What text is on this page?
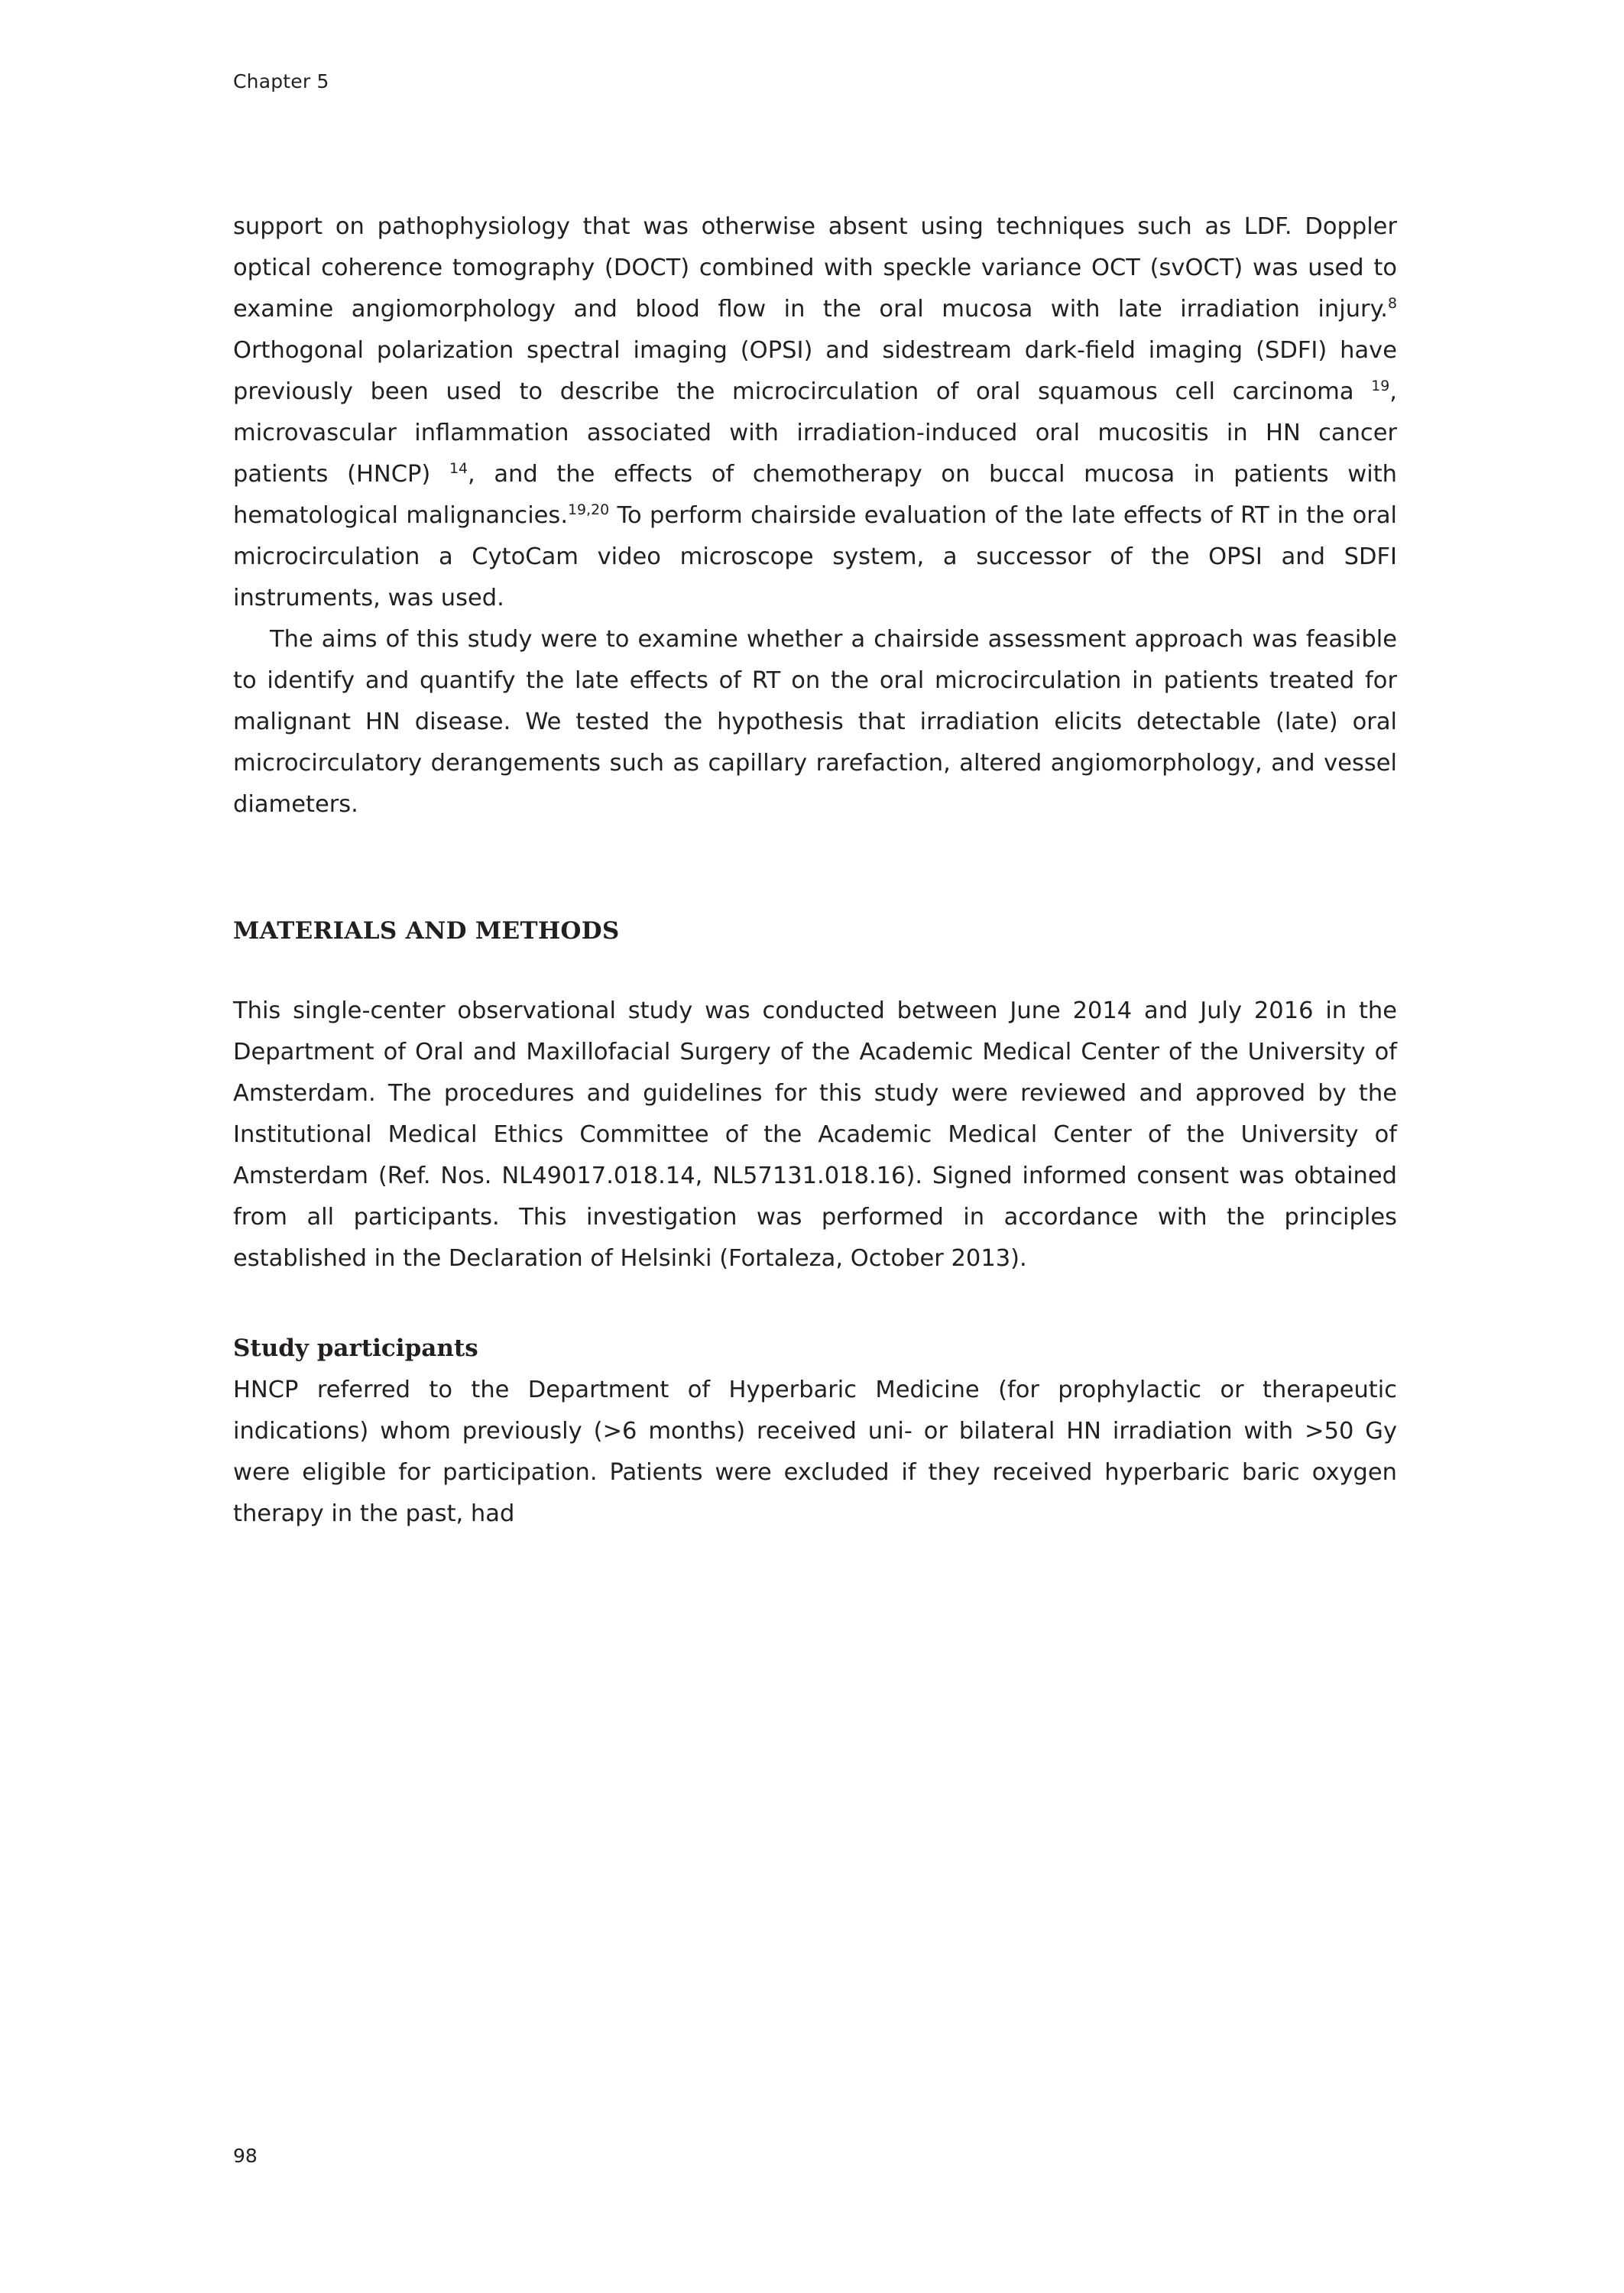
Chapter 5

support on pathophysiology that was otherwise absent using techniques such as LDF. Doppler optical coherence tomography (DOCT) combined with speckle variance OCT (svOCT) was used to examine angiomorphology and blood flow in the oral mucosa with late irradiation injury.$^8$ Orthogonal polarization spectral imaging (OPSI) and sidestream dark-field imaging (SDFI) have previously been used to describe the microcirculation of oral squamous cell carcinoma $^{19}$, microvascular inflammation associated with irradiation-induced oral mucositis in HN cancer patients (HNCP) $^{14}$, and the effects of chemotherapy on buccal mucosa in patients with hematological malignancies.$^{19,20}$ To perform chairside evaluation of the late effects of RT in the oral microcirculation a CytoCam video microscope system, a successor of the OPSI and SDFI instruments, was used.

The aims of this study were to examine whether a chairside assessment approach was feasible to identify and quantify the late effects of RT on the oral microcirculation in patients treated for malignant HN disease. We tested the hypothesis that irradiation elicits detectable (late) oral microcirculatory derangements such as capillary rarefaction, altered angiomorphology, and vessel diameters.

MATERIALS AND METHODS

This single-center observational study was conducted between June 2014 and July 2016 in the Department of Oral and Maxillofacial Surgery of the Academic Medical Center of the University of Amsterdam. The procedures and guidelines for this study were reviewed and approved by the Institutional Medical Ethics Committee of the Academic Medical Center of the University of Amsterdam (Ref. Nos. NL49017.018.14, NL57131.018.16). Signed informed consent was obtained from all participants. This investigation was performed in accordance with the principles established in the Declaration of Helsinki (Fortaleza, October 2013).

Study participants

HNCP referred to the Department of Hyperbaric Medicine (for prophylactic or therapeutic indications) whom previously (>6 months) received uni- or bilateral HN irradiation with >50 Gy were eligible for participation. Patients were excluded if they received hyperbaric baric oxygen therapy in the past, had

98
